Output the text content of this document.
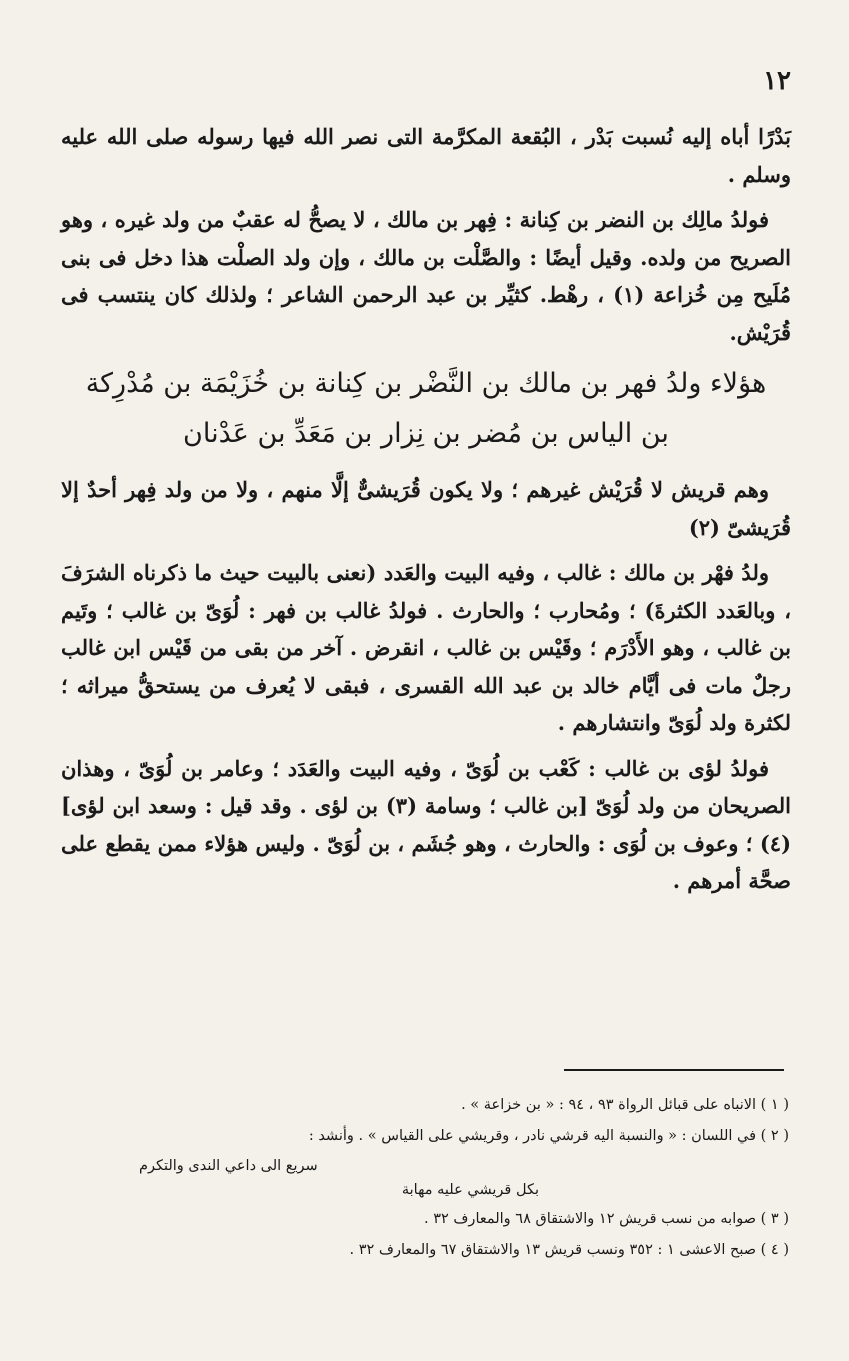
١٢

بَدْرًا أباه إليه نُسبت بَدْر ، البُقعة المكرَّمة التى نصر الله فيها رسوله صلى الله عليه وسلم .

فولدُ مالِك بن النضر بن كِنانة : فِهر بن مالك ، لا يصحُّ له عقبٌ من ولد غيره ، وهو الصريح من ولده. وقيل أيضًا : والصَّلْت بن مالك ، وإن ولد الصلْت هذا دخل فى بنى مُلَيح مِن خُزاعة (١) ، رهْط. كثيِّر بن عبد الرحمن الشاعر ؛ ولذلك كان ينتسب فى قُرَيْش.

هؤلاء ولدُ فهر بن مالك بن النَّضْر بن كِنانة بن خُزَيْمَة بن مُدْرِكة بن الياس بن مُضر بن نِزار بن مَعَدِّ بن عَدْنان

وهم قريش لا قُرَيْش غيرهم ؛ ولا يكون قُرَيشىٌّ إلَّا منهم ، ولا من ولد فِهر أحدٌ إلا قُرَيشىّ (٢)

ولدُ فهْر بن مالك : غالب ، وفيه البيت والعَدد (نعنى بالبيت حيث ما ذكرناه الشرَفَ ، وبالعَدد الكثرةَ) ؛ ومُحارب ؛ والحارث . فولدُ غالب بن فهر : لُوَىّ بن غالب ؛ وتَيم بن غالب ، وهو الأَدْرَم ؛ وقَيْس بن غالب ، انقرض . آخر من بقى من قَيْس ابن غالب رجلٌ مات فى أيَّام خالد بن عبد الله القسرى ، فبقى لا يُعرف من يستحقُّ ميراثه ؛ لكثرة ولد لُوَىّ وانتشارهم .

فولدُ لؤى بن غالب : كَعْب بن لُوَىّ ، وفيه البيت والعَدَد ؛ وعامر بن لُوَىّ ، وهذان الصريحان من ولد لُوَىّ [بن غالب ؛ وسامة (٣) بن لؤى . وقد قيل : وسعد ابن لؤى] (٤) ؛ وعوف بن لُوَى : والحارث ، وهو جُشَم ، بن لُوَىّ . وليس هؤلاء ممن يقطع على صحَّة أمرهم .

( ١ ) الانباه على قبائل الرواة ٩٣ ، ٩٤ : « بن خزاعة » .

( ٢ ) في اللسان : « والنسبة اليه قرشي نادر ، وقريشي على القياس » . وأنشد :

بكل قريشي عليه مهابة
سريع الى داعي الندى والتكرم

( ٣ ) صوابه من نسب قريش ١٢ والاشتقاق ٦٨ والمعارف ٣٢ .

( ٤ ) صبح الاعشى ١ : ٣٥٢ ونسب قريش ١٣ والاشتقاق ٦٧ والمعارف ٣٢ .
